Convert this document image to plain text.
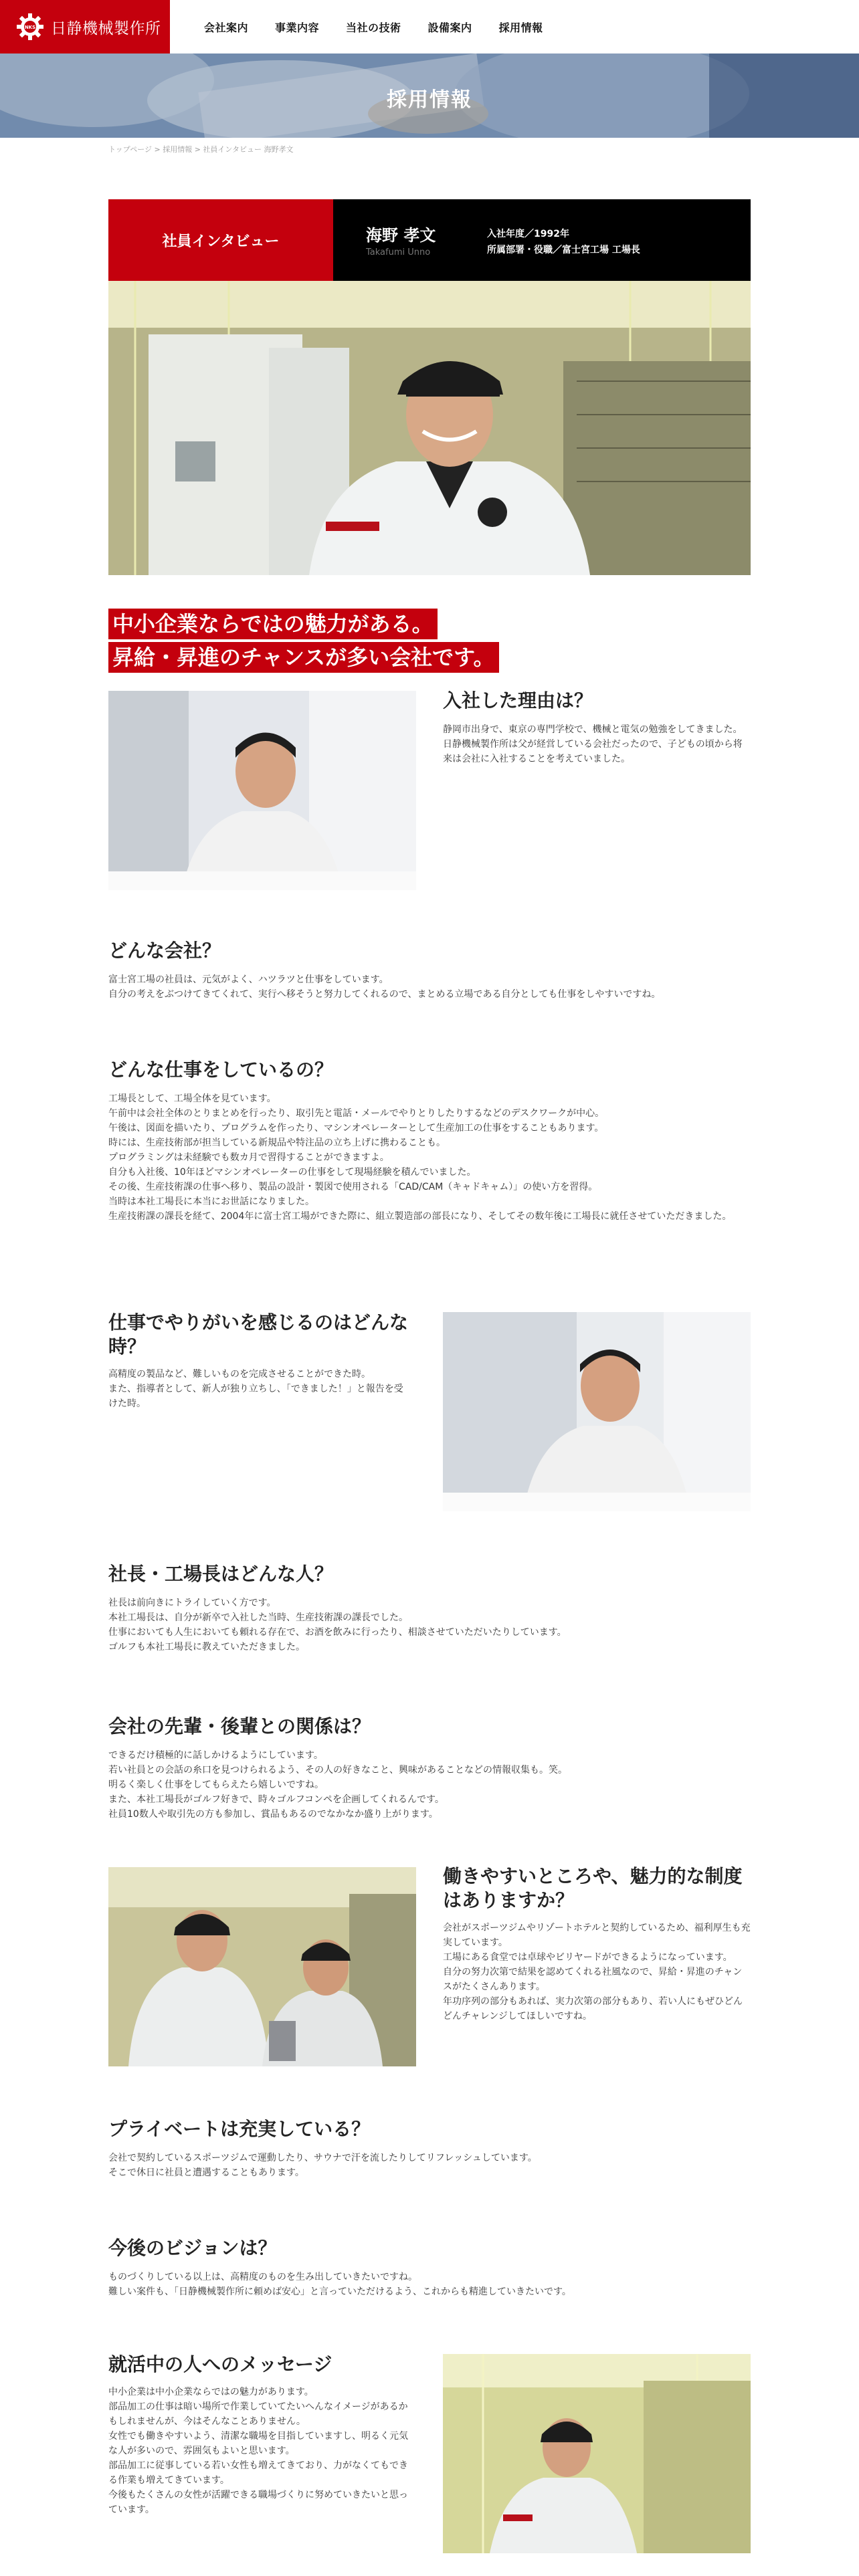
NKS 日静機械製作所	会社案内	事業内容	当社の技術	設備案内	採用情報
採用情報
トップページ > 採用情報 > 社員インタビュー 海野孝文
社員インタビュー	海野 孝文
Takafumi Unno
入社年度／1992年
所属部署・役職／富士宮工場 工場長
中小企業ならではの魅力がある。
昇給・昇進のチャンスが多い会社です。
入社した理由は？

静岡市出身で、東京の専門学校で、機械と電気の勉強をしてきました。

日静機械製作所は父が経営している会社だったので、子どもの頃から将来は会社に入社することを考えていました。

どんな会社？

富士宮工場の社員は、元気がよく、ハツラツと仕事をしています。

自分の考えをぶつけてきてくれて、実行へ移そうと努力してくれるので、まとめる立場である自分としても仕事をしやすいですね。

どんな仕事をしているの？

工場長として、工場全体を見ています。

午前中は会社全体のとりまとめを行ったり、取引先と電話・メールでやりとりしたりするなどのデスクワークが中心。

午後は、図面を描いたり、プログラムを作ったり、マシンオペレーターとして生産加工の仕事をすることもあります。

時には、生産技術部が担当している新規品や特注品の立ち上げに携わることも。

プログラミングは未経験でも数カ月で習得することができますよ。

自分も入社後、10年ほどマシンオペレーターの仕事をして現場経験を積んでいました。

その後、生産技術課の仕事へ移り、製品の設計・製図で使用される「CAD/CAM（キャドキャム）」の使い方を習得。

当時は本社工場長に本当にお世話になりました。

生産技術課の課長を経て、2004年に富士宮工場ができた際に、組立製造部の部長になり、そしてその数年後に工場長に就任させていただきました。

仕事でやりがいを感じるのはどんな時？

高精度の製品など、難しいものを完成させることができた時。

また、指導者として、新人が独り立ちし、「できました！」と報告を受けた時。

社長・工場長はどんな人？

社長は前向きにトライしていく方です。

本社工場長は、自分が新卒で入社した当時、生産技術課の課長でした。

仕事においても人生においても頼れる存在で、お酒を飲みに行ったり、相談させていただいたりしています。

ゴルフも本社工場長に教えていただきました。

会社の先輩・後輩との関係は？

できるだけ積極的に話しかけるようにしています。

若い社員との会話の糸口を見つけられるよう、その人の好きなこと、興味があることなどの情報収集も。笑。

明るく楽しく仕事をしてもらえたら嬉しいですね。

また、本社工場長がゴルフ好きで、時々ゴルフコンペを企画してくれるんです。

社員10数人や取引先の方も参加し、賞品もあるのでなかなか盛り上がります。

働きやすいところや、魅力的な制度はありますか？

会社がスポーツジムやリゾートホテルと契約しているため、福利厚生も充実しています。

工場にある食堂では卓球やビリヤードができるようになっています。

自分の努力次第で結果を認めてくれる社風なので、昇給・昇進のチャンスがたくさんあります。

年功序列の部分もあれば、実力次第の部分もあり、若い人にもぜひどんどんチャレンジしてほしいですね。

プライベートは充実している？

会社で契約しているスポーツジムで運動したり、サウナで汗を流したりしてリフレッシュしています。

そこで休日に社員と遭遇することもあります。

今後のビジョンは？

ものづくりしている以上は、高精度のものを生み出していきたいですね。

難しい案件も、「日静機械製作所に頼めば安心」と言っていただけるよう、これからも精進していきたいです。

就活中の人へのメッセージ

中小企業は中小企業ならではの魅力があります。

部品加工の仕事は暗い場所で作業していてたいへんなイメージがあるかもしれませんが、今はそんなことありません。

女性でも働きやすいよう、清潔な職場を目指していますし、明るく元気な人が多いので、雰囲気もよいと思います。

部品加工に従事している若い女性も増えてきており、力がなくてもできる作業も増えてきています。

今後もたくさんの女性が活躍できる職場づくりに努めていきたいと思っています。
